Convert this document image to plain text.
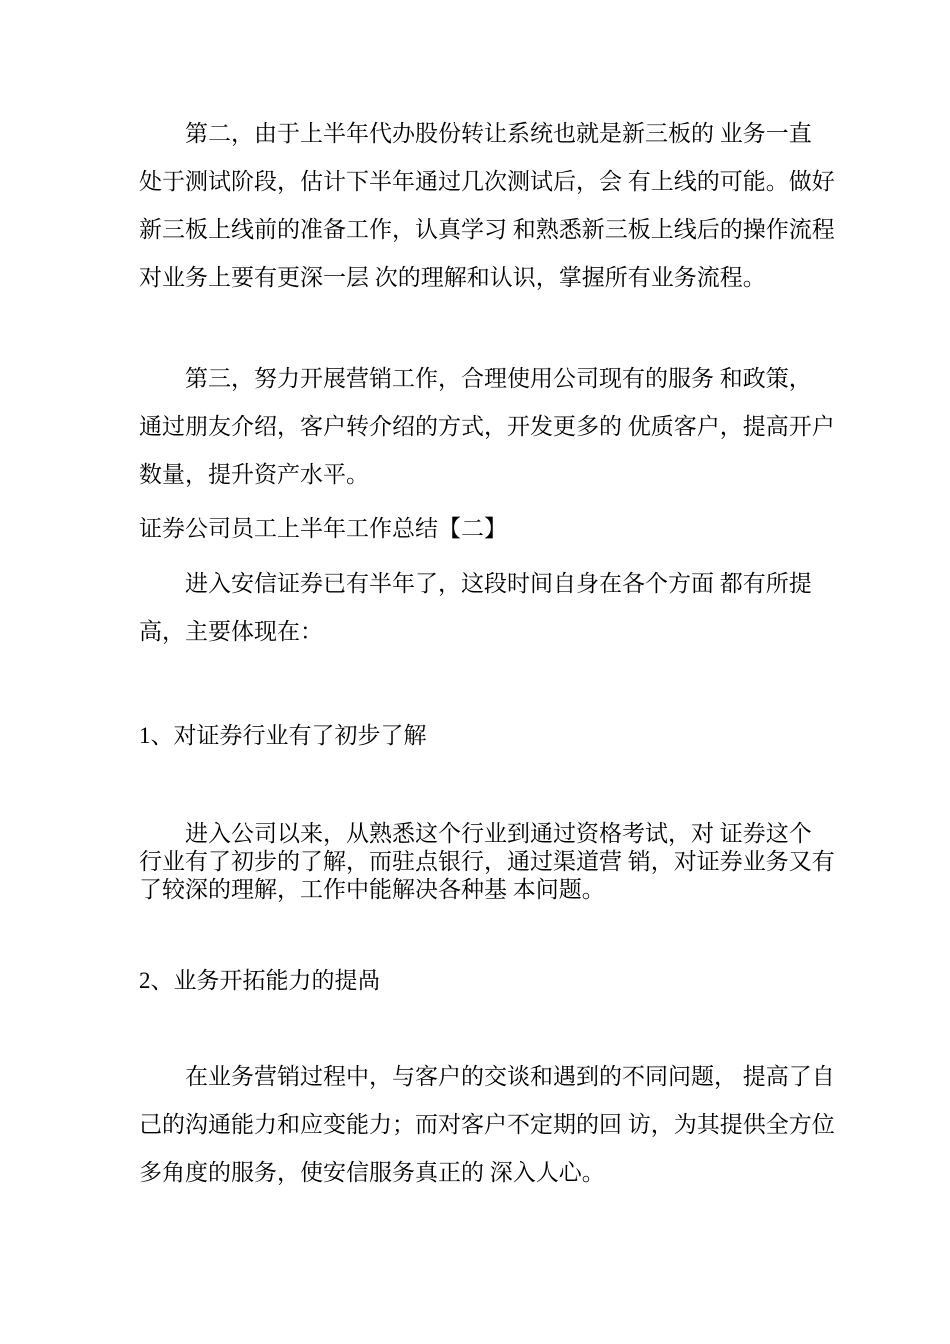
第二，由于上半年代办股份转让系统也就是新三板的 业务一直
处于测试阶段，估计下半年通过几次测试后，会 有上线的可能。做好
新三板上线前的准备工作，认真学习 和熟悉新三板上线后的操作流程
对业务上要有更深一层 次的理解和认识，掌握所有业务流程。

第三，努力开展营销工作，合理使用公司现有的服务 和政策，
通过朋友介绍，客户转介绍的方式，开发更多的 优质客户，提高开户
数量，提升资产水平。

证券公司员工上半年工作总结【二】

进入安信证券已有半年了，这段时间自身在各个方面 都有所提
高，主要体现在：

1、对证券行业有了初步了解

进入公司以来，从熟悉这个行业到通过资格考试，对 证券这个
行业有了初步的了解，而驻点银行，通过渠道营 销，对证券业务又有
了较深的理解，工作中能解决各种基 本问题。

2、业务开拓能力的提咼

在业务营销过程中，与客户的交谈和遇到的不同问题， 提高了自
己的沟通能力和应变能力；而对客户不定期的回 访，为其提供全方位
多角度的服务，使安信服务真正的 深入人心。
